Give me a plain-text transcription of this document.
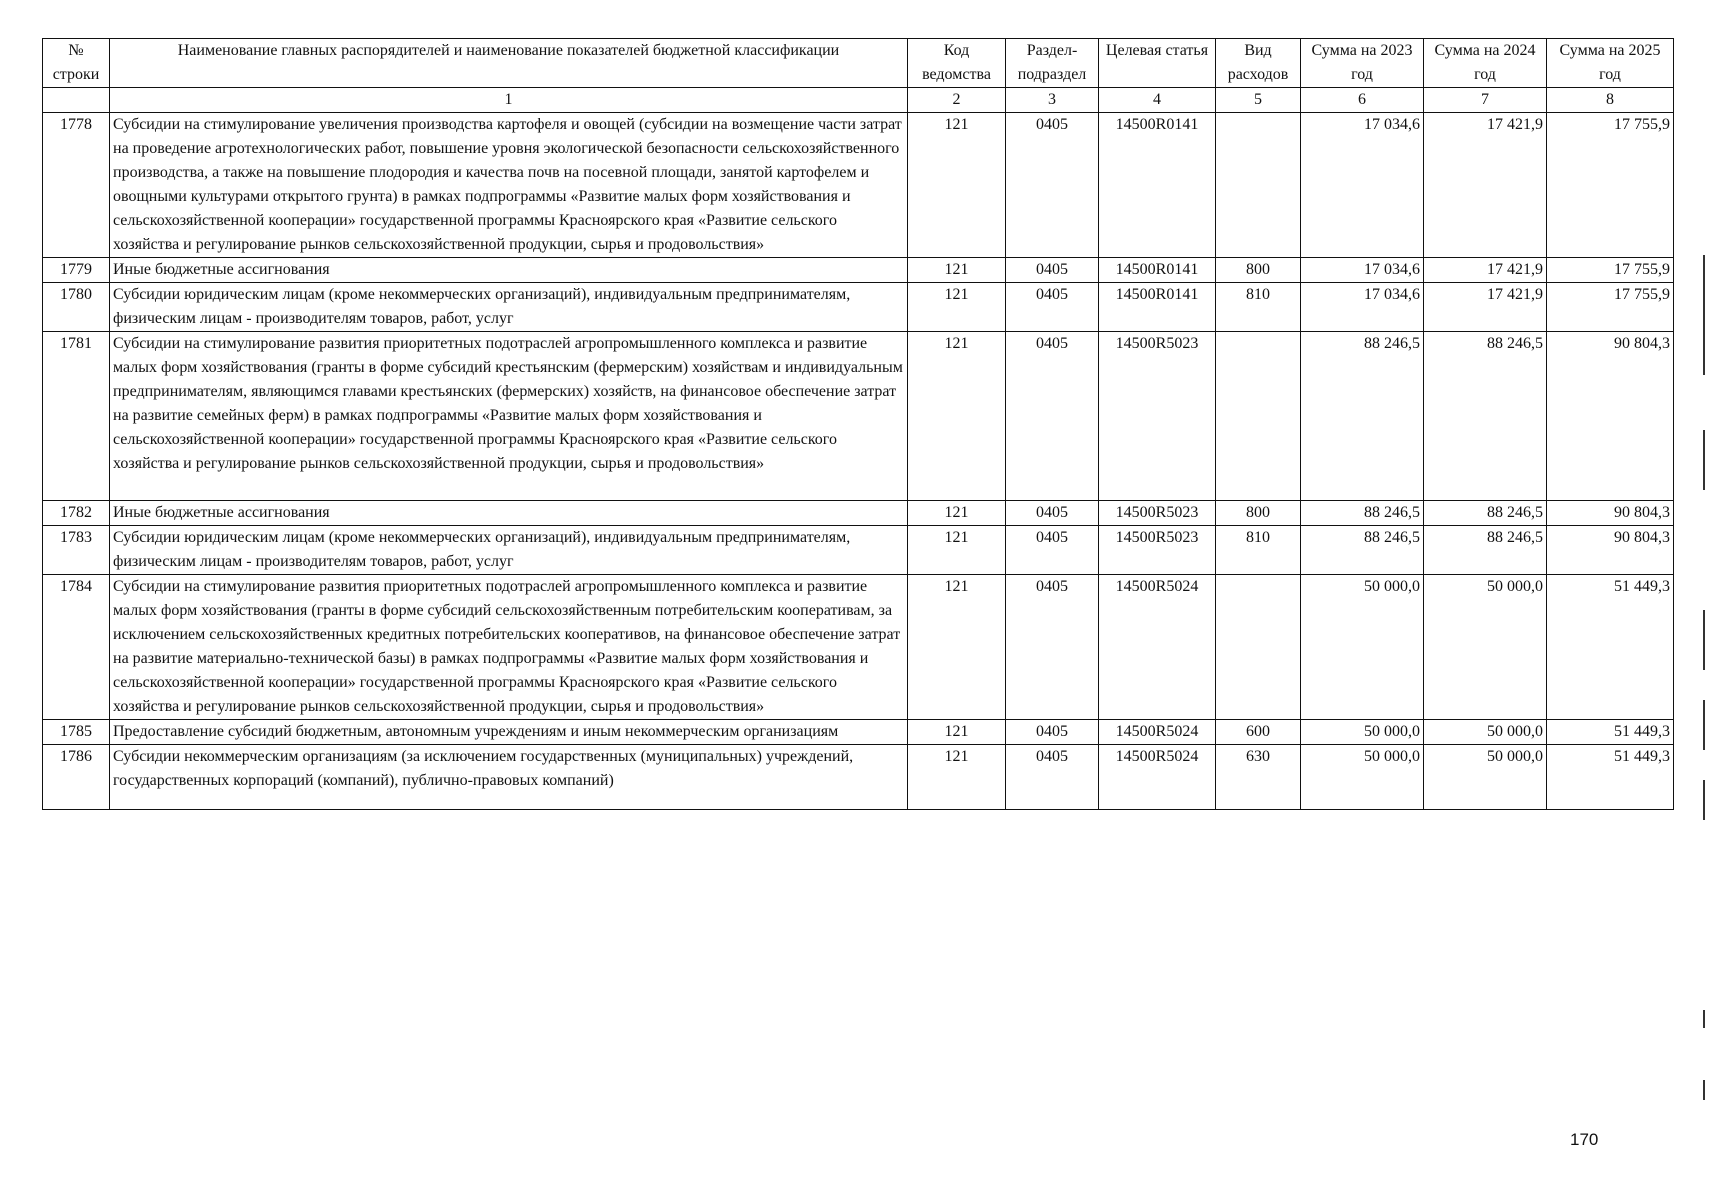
№ строки	Наименование главных распорядителей и наименование показателей бюджетной классификации	Код ведомства	Раздел-подраздел	Целевая статья	Вид расходов	Сумма на 2023 год	Сумма на 2024 год	Сумма на 2025 год
	1	2	3	4	5	6	7	8
1778	Субсидии на стимулирование увеличения производства картофеля и овощей (субсидии на возмещение части затрат на проведение агротехнологических работ, повышение уровня экологической безопасности сельскохозяйственного производства, а также на повышение плодородия и качества почв на посевной площади, занятой картофелем и овощными культурами открытого грунта) в рамках подпрограммы «Развитие малых форм хозяйствования и сельскохозяйственной кооперации» государственной программы Красноярского края «Развитие сельского хозяйства и регулирование рынков сельскохозяйственной продукции, сырья и продовольствия»	121	0405	14500R0141		17 034,6	17 421,9	17 755,9
1779	Иные бюджетные ассигнования	121	0405	14500R0141	800	17 034,6	17 421,9	17 755,9
1780	Субсидии юридическим лицам (кроме некоммерческих организаций), индивидуальным предпринимателям, физическим лицам - производителям товаров, работ, услуг	121	0405	14500R0141	810	17 034,6	17 421,9	17 755,9
1781	Субсидии на стимулирование развития приоритетных подотраслей агропромышленного комплекса и развитие малых форм хозяйствования (гранты в форме субсидий крестьянским (фермерским) хозяйствам и индивидуальным предпринимателям, являющимся главами крестьянских (фермерских) хозяйств, на финансовое обеспечение затрат на развитие семейных ферм) в рамках подпрограммы «Развитие малых форм хозяйствования и сельскохозяйственной кооперации» государственной программы Красноярского края «Развитие сельского хозяйства и регулирование рынков сельскохозяйственной продукции, сырья и продовольствия»	121	0405	14500R5023		88 246,5	88 246,5	90 804,3
1782	Иные бюджетные ассигнования	121	0405	14500R5023	800	88 246,5	88 246,5	90 804,3
1783	Субсидии юридическим лицам (кроме некоммерческих организаций), индивидуальным предпринимателям, физическим лицам - производителям товаров, работ, услуг	121	0405	14500R5023	810	88 246,5	88 246,5	90 804,3
1784	Субсидии на стимулирование развития приоритетных подотраслей агропромышленного комплекса и развитие малых форм хозяйствования (гранты в форме субсидий сельскохозяйственным потребительским кооперативам, за исключением сельскохозяйственных кредитных потребительских кооперативов, на финансовое обеспечение затрат на развитие материально-технической базы) в рамках подпрограммы «Развитие малых форм хозяйствования и сельскохозяйственной кооперации» государственной программы Красноярского края «Развитие сельского хозяйства и регулирование рынков сельскохозяйственной продукции, сырья и продовольствия»	121	0405	14500R5024		50 000,0	50 000,0	51 449,3
1785	Предоставление субсидий бюджетным, автономным учреждениям и иным некоммерческим организациям	121	0405	14500R5024	600	50 000,0	50 000,0	51 449,3
1786	Субсидии некоммерческим организациям (за исключением государственных (муниципальных) учреждений, государственных корпораций (компаний), публично-правовых компаний)	121	0405	14500R5024	630	50 000,0	50 000,0	51 449,3
170
